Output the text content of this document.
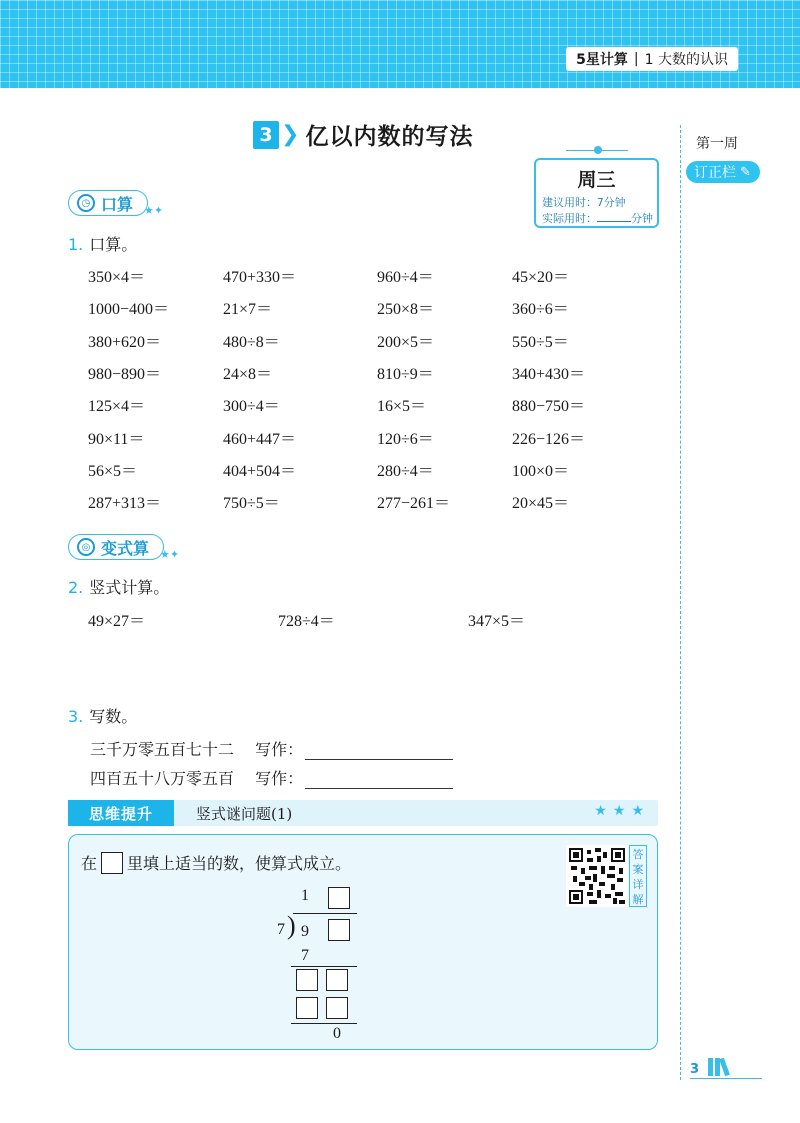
5星计算 | 1 大数的认识
3 ❯ 亿以内数的写法
周三
建议用时：7分钟
实际用时：	分钟
第一周
订正栏 ✎
◷ 口算 ★✦
1. 口算。
350×4＝	470+330＝	960÷4＝	45×20＝
1000−400＝	21×7＝	250×8＝	360÷6＝
380+620＝	480÷8＝	200×5＝	550÷5＝
980−890＝	24×8＝	810÷9＝	340+430＝
125×4＝	300÷4＝	16×5＝	880−750＝
90×11＝	460+447＝	120÷6＝	226−126＝
56×5＝	404+504＝	280÷4＝	100×0＝
287+313＝	750÷5＝	277−261＝	20×45＝
◎ 变式算 ★✦
2. 竖式计算。
49×27＝	728÷4＝	347×5＝
3. 写数。
三千万零五百七十二 写作：
四百五十八万零五百 写作：
思维提升	竖式谜问题(1)	★★★
在 里填上适当的数，使算式成立。	答案详解
1
7 ) 9
7
0
3
